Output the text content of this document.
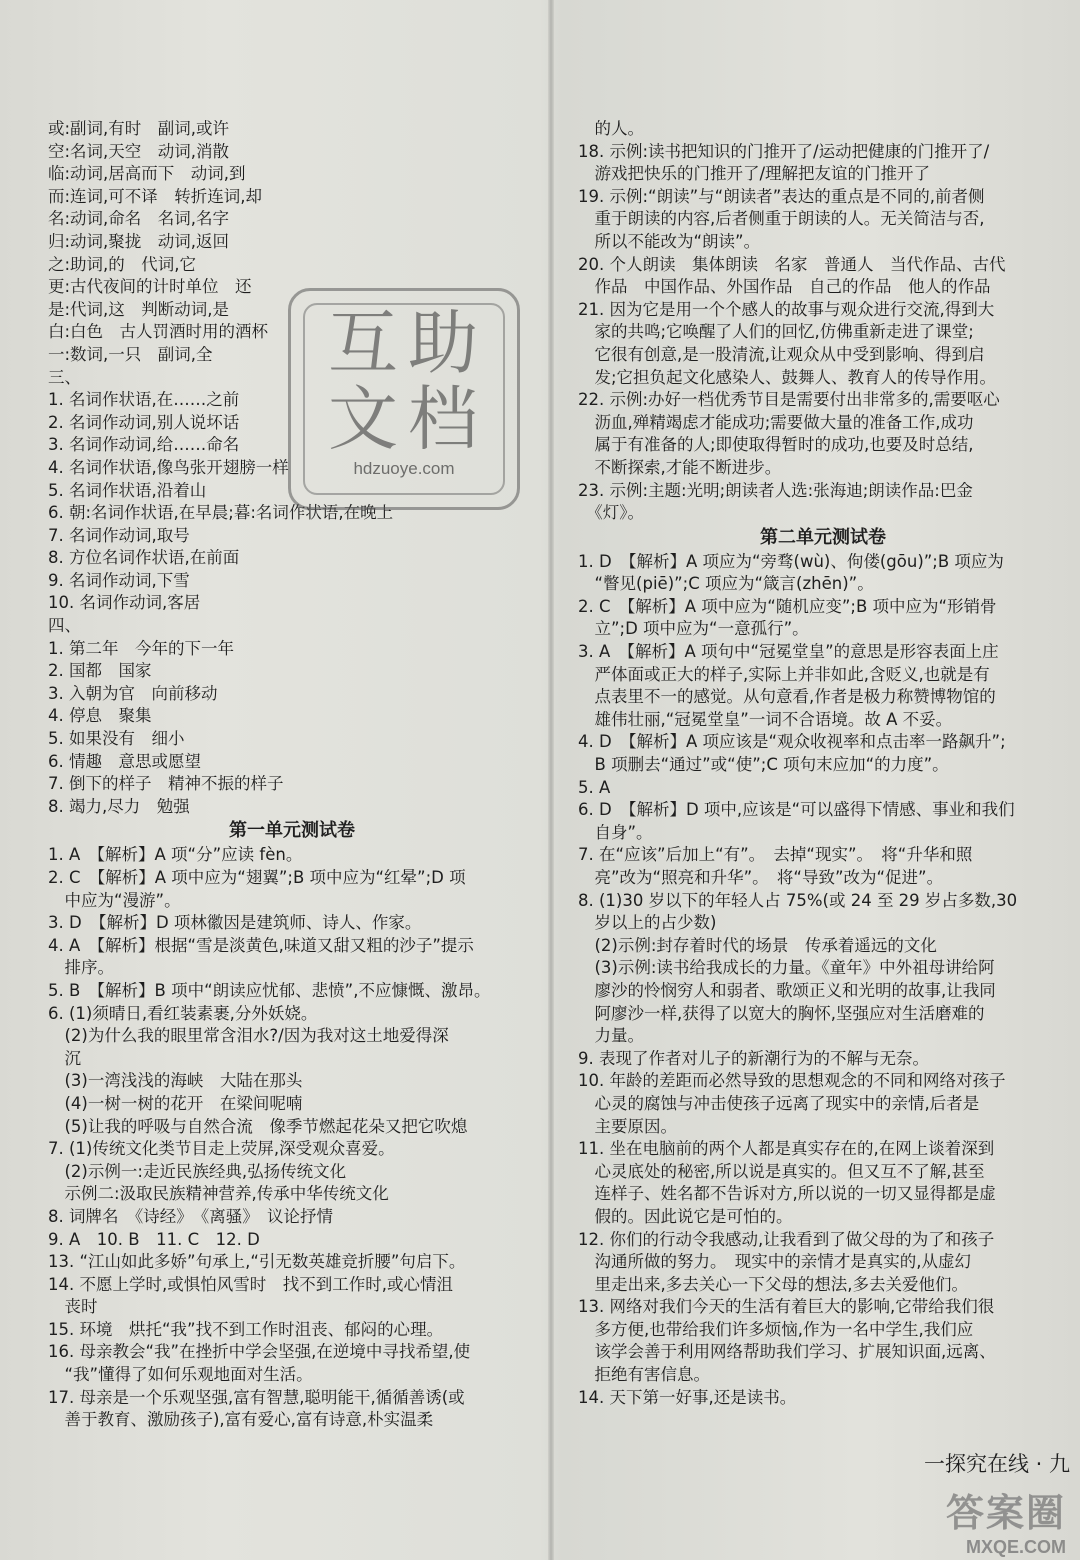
或:副词,有时　副词,或许
空:名词,天空　动词,消散
临:动词,居高而下　动词,到
而:连词,可不译　转折连词,却
名:动词,命名　名词,名字
归:动词,聚拢　动词,返回
之:助词,的　代词,它
更:古代夜间的计时单位　还
是:代词,这　判断动词,是
白:白色　古人罚酒时用的酒杯
一:数词,一只　副词,全
三、
1. 名词作状语,在……之前
2. 名词作动词,别人说坏话
3. 名词作动词,给……命名
4. 名词作状语,像鸟张开翅膀一样
5. 名词作状语,沿着山
6. 朝:名词作状语,在早晨;暮:名词作状语,在晚上
7. 名词作动词,取号
8. 方位名词作状语,在前面
9. 名词作动词,下雪
10. 名词作动词,客居
四、
1. 第二年　今年的下一年
2. 国都　国家
3. 入朝为官　向前移动
4. 停息　聚集
5. 如果没有　细小
6. 情趣　意思或愿望
7. 倒下的样子　精神不振的样子
8. 竭力,尽力　勉强
第一单元测试卷
1. A　【解析】A 项“分”应读 fèn。
2. C　【解析】A 项中应为“翅翼”;B 项中应为“红晕”;D 项
　中应为“漫游”。
3. D　【解析】D 项林徽因是建筑师、诗人、作家。
4. A　【解析】根据“雪是淡黄色,味道又甜又粗的沙子”提示
　排序。
5. B　【解析】B 项中“朗读应忧郁、悲愤”,不应慷慨、激昂。
6. (1)须晴日,看红装素裹,分外妖娆。
　(2)为什么我的眼里常含泪水?/因为我对这土地爱得深
　沉
　(3)一湾浅浅的海峡　大陆在那头
　(4)一树一树的花开　在梁间呢喃
　(5)让我的呼吸与自然合流　像季节燃起花朵又把它吹熄
7. (1)传统文化类节目走上荧屏,深受观众喜爱。
　(2)示例一:走近民族经典,弘扬传统文化
　示例二:汲取民族精神营养,传承中华传统文化
8. 词牌名　《诗经》　《离骚》　议论抒情
9. A　10. B　11. C　12. D
13. “江山如此多娇”句承上,“引无数英雄竞折腰”句启下。
14. 不愿上学时,或惧怕风雪时　找不到工作时,或心情沮
　丧时
15. 环境　烘托“我”找不到工作时沮丧、郁闷的心理。
16. 母亲教会“我”在挫折中学会坚强,在逆境中寻找希望,使
　“我”懂得了如何乐观地面对生活。
17. 母亲是一个乐观坚强,富有智慧,聪明能干,循循善诱(或
　善于教育、激励孩子),富有爱心,富有诗意,朴实温柔
　的人。
18. 示例:读书把知识的门推开了/运动把健康的门推开了/
　游戏把快乐的门推开了/理解把友谊的门推开了
19. 示例:“朗读”与“朗读者”表达的重点是不同的,前者侧
　重于朗读的内容,后者侧重于朗读的人。无关简洁与否,
　所以不能改为“朗读”。
20. 个人朗读　集体朗读　名家　普通人　当代作品、古代
　作品　中国作品、外国作品　自己的作品　他人的作品
21. 因为它是用一个个感人的故事与观众进行交流,得到大
　家的共鸣;它唤醒了人们的回忆,仿佛重新走进了课堂;
　它很有创意,是一股清流,让观众从中受到影响、得到启
　发;它担负起文化感染人、鼓舞人、教育人的传导作用。
22. 示例:办好一档优秀节目是需要付出非常多的,需要呕心
　沥血,殚精竭虑才能成功;需要做大量的准备工作,成功
　属于有准备的人;即使取得暂时的成功,也要及时总结,
　不断探索,才能不断进步。
23. 示例:主题:光明;朗读者人选:张海迪;朗读作品:巴金
　《灯》。
第二单元测试卷
1. D　【解析】A 项应为“旁骛(wù)、佝偻(gōu)”;B 项应为
　“瞥见(piē)”;C 项应为“箴言(zhēn)”。
2. C　【解析】A 项中应为“随机应变”;B 项中应为“形销骨
　立”;D 项中应为“一意孤行”。
3. A　【解析】A 项句中“冠冕堂皇”的意思是形容表面上庄
　严体面或正大的样子,实际上并非如此,含贬义,也就是有
　点表里不一的感觉。从句意看,作者是极力称赞博物馆的
　雄伟壮丽,“冠冕堂皇”一词不合语境。故 A 不妥。
4. D　【解析】A 项应该是“观众收视率和点击率一路飙升”;
　B 项删去“通过”或“使”;C 项句末应加“的力度”。
5. A
6. D　【解析】D 项中,应该是“可以盛得下情感、事业和我们
　自身”。
7. 在“应该”后加上“有”。　去掉“现实”。　将“升华和照
　亮”改为“照亮和升华”。　将“导致”改为“促进”。
8. (1)30 岁以下的年轻人占 75%(或 24 至 29 岁占多数,30
　岁以上的占少数)
　(2)示例:封存着时代的场景　传承着遥远的文化
　(3)示例:读书给我成长的力量。《童年》中外祖母讲给阿
　廖沙的怜悯穷人和弱者、歌颂正义和光明的故事,让我同
　阿廖沙一样,获得了以宽大的胸怀,坚强应对生活磨难的
　力量。
9. 表现了作者对儿子的新潮行为的不解与无奈。
10. 年龄的差距而必然导致的思想观念的不同和网络对孩子
　心灵的腐蚀与冲击使孩子远离了现实中的亲情,后者是
　主要原因。
11. 坐在电脑前的两个人都是真实存在的,在网上谈着深到
　心灵底处的秘密,所以说是真实的。但又互不了解,甚至
　连样子、姓名都不告诉对方,所以说的一切又显得都是虚
　假的。因此说它是可怕的。
12. 你们的行动令我感动,让我看到了做父母的为了和孩子
　沟通所做的努力。　现实中的亲情才是真实的,从虚幻
　里走出来,多去关心一下父母的想法,多去关爱他们。
13. 网络对我们今天的生活有着巨大的影响,它带给我们很
　多方便,也带给我们许多烦恼,作为一名中学生,我们应
　该学会善于利用网络帮助我们学习、扩展知识面,远离、
　拒绝有害信息。
14. 天下第一好事,还是读书。
互助文档
hdzuoye.com
一探究在线 · 九
答案圈
MXQE.COM
